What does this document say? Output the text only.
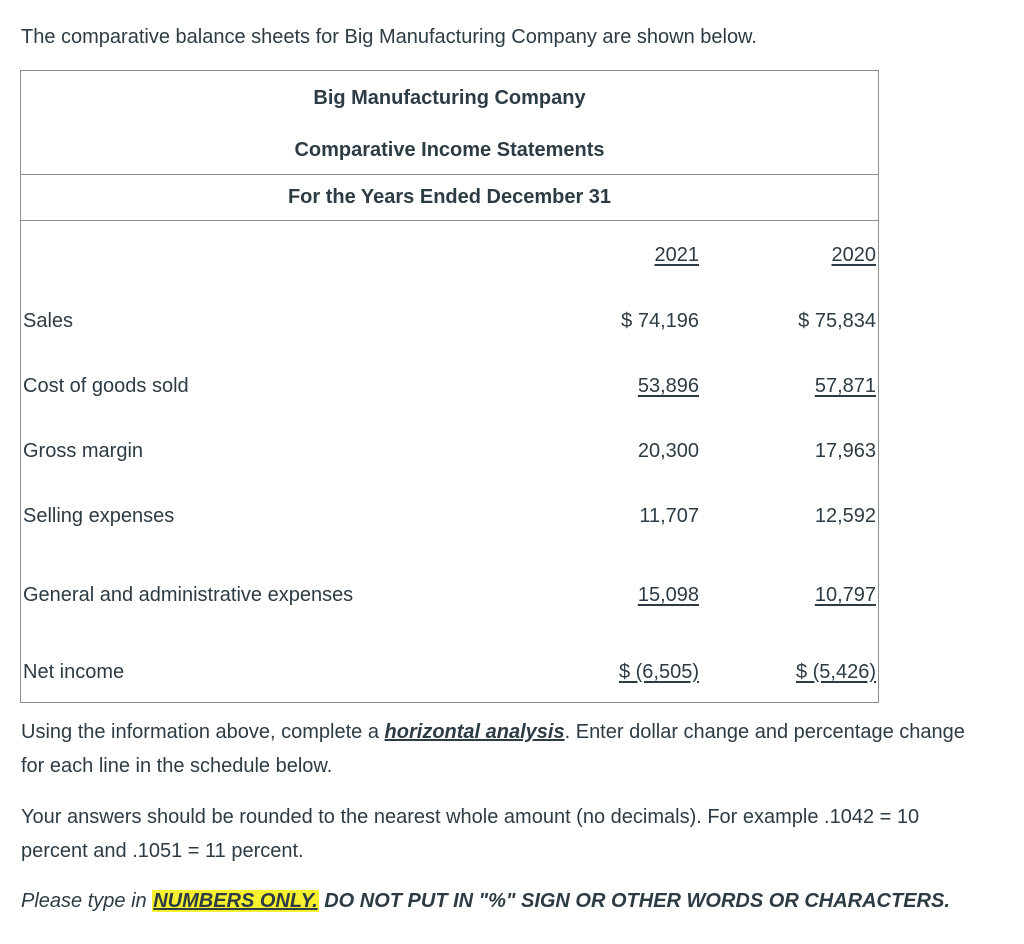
The comparative balance sheets for Big Manufacturing Company are shown below.

Big Manufacturing Company		
Comparative Income Statements		
For the Years Ended December 31		
	2021	2020
Sales	$ 74,196	$ 75,834
Cost of goods sold	53,896	57,871
Gross margin	20,300	17,963
Selling expenses	11,707	12,592
General and administrative expenses	15,098	10,797
Net income	$ (6,505)	$ (5,426)

Using the information above, complete a horizontal analysis. Enter dollar change and percentage change for each line in the schedule below.

Your answers should be rounded to the nearest whole amount (no decimals). For example .1042 = 10 percent and .1051 = 11 percent.

Please type in NUMBERS ONLY. DO NOT PUT IN "%" SIGN OR OTHER WORDS OR CHARACTERS.
